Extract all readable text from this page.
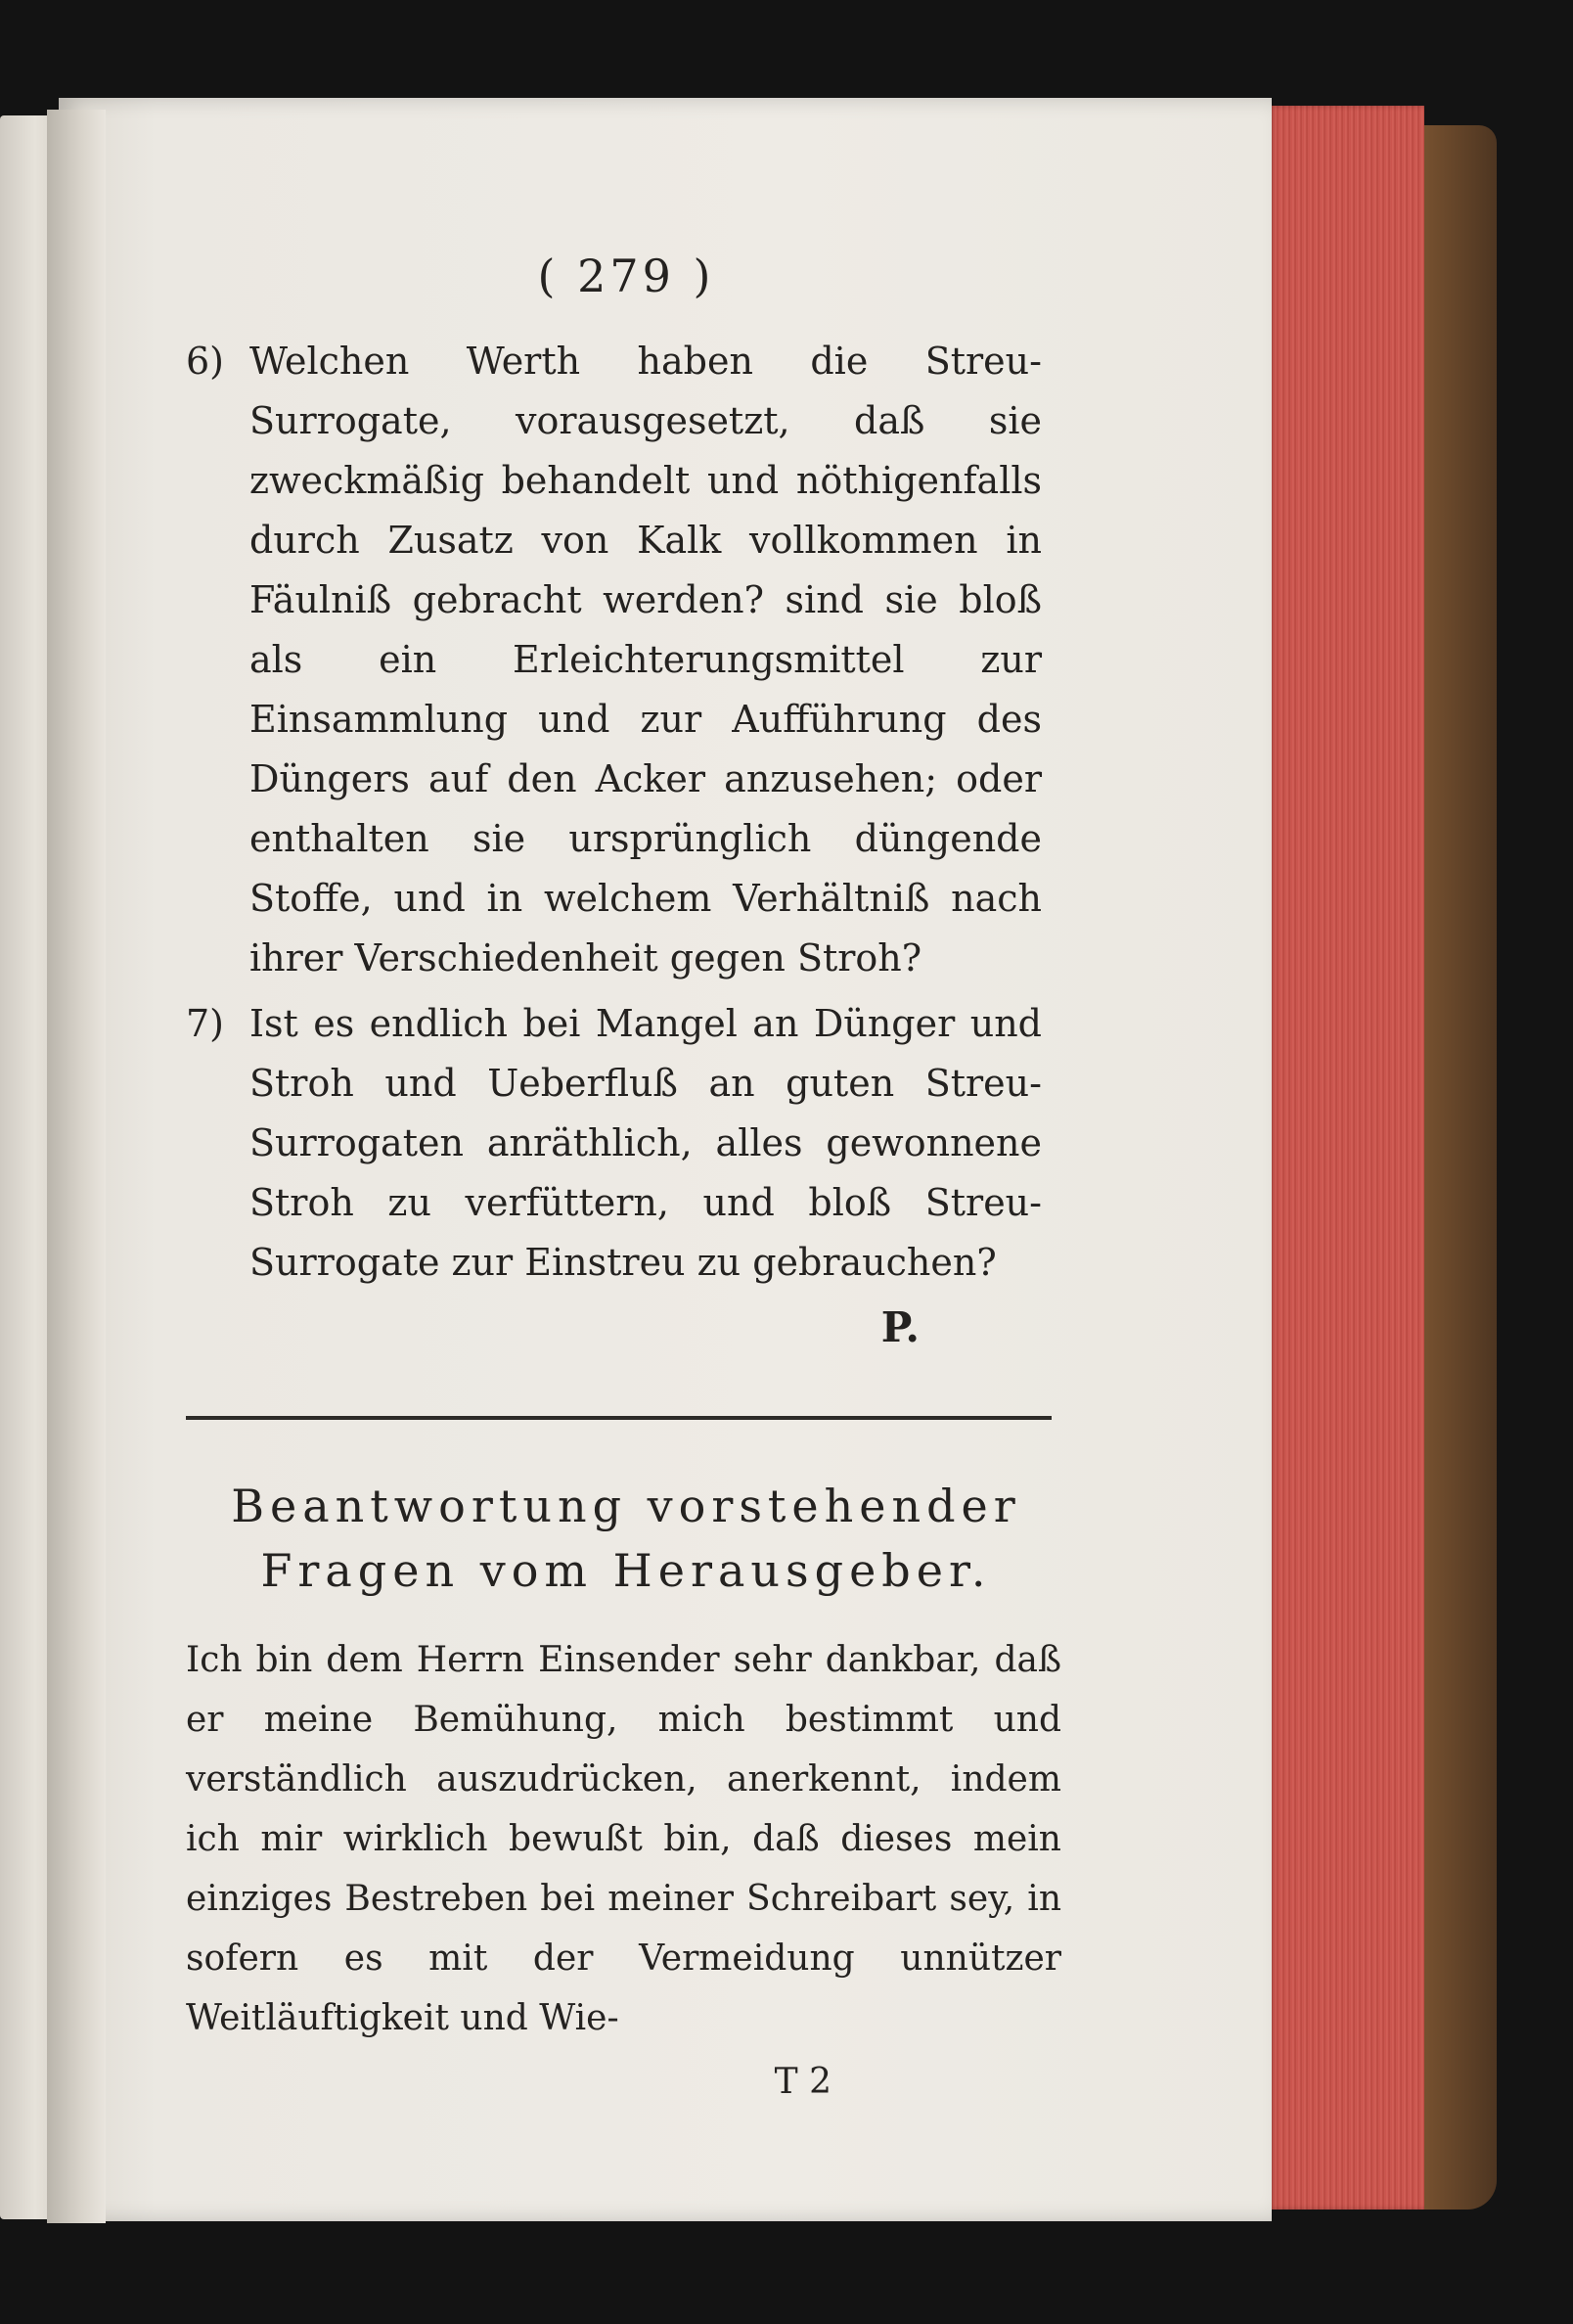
( 279 )
6) Welchen Werth haben die Streu-Surrogate, vorausgesetzt, daß sie zweckmäßig behandelt und nöthigenfalls durch Zusatz von Kalk vollkommen in Fäulniß gebracht werden? sind sie bloß als ein Erleichterungsmittel zur Einsammlung und zur Aufführung des Düngers auf den Acker anzusehen; oder enthalten sie ursprünglich düngende Stoffe, und in welchem Verhältniß nach ihrer Verschiedenheit gegen Stroh?
7) Ist es endlich bei Mangel an Dünger und Stroh und Ueberfluß an guten Streu-Surrogaten anräthlich, alles gewonnene Stroh zu verfüttern, und bloß Streu-Surrogate zur Einstreu zu gebrauchen?
P.
Beantwortung vorstehender Fragen vom Herausgeber.
Ich bin dem Herrn Einsender sehr dankbar, daß er meine Bemühung, mich bestimmt und verständlich auszudrücken, anerkennt, indem ich mir wirklich bewußt bin, daß dieses mein einziges Bestreben bei meiner Schreibart sey, in sofern es mit der Vermeidung unnützer Weitläuftigkeit und Wie-
T 2
